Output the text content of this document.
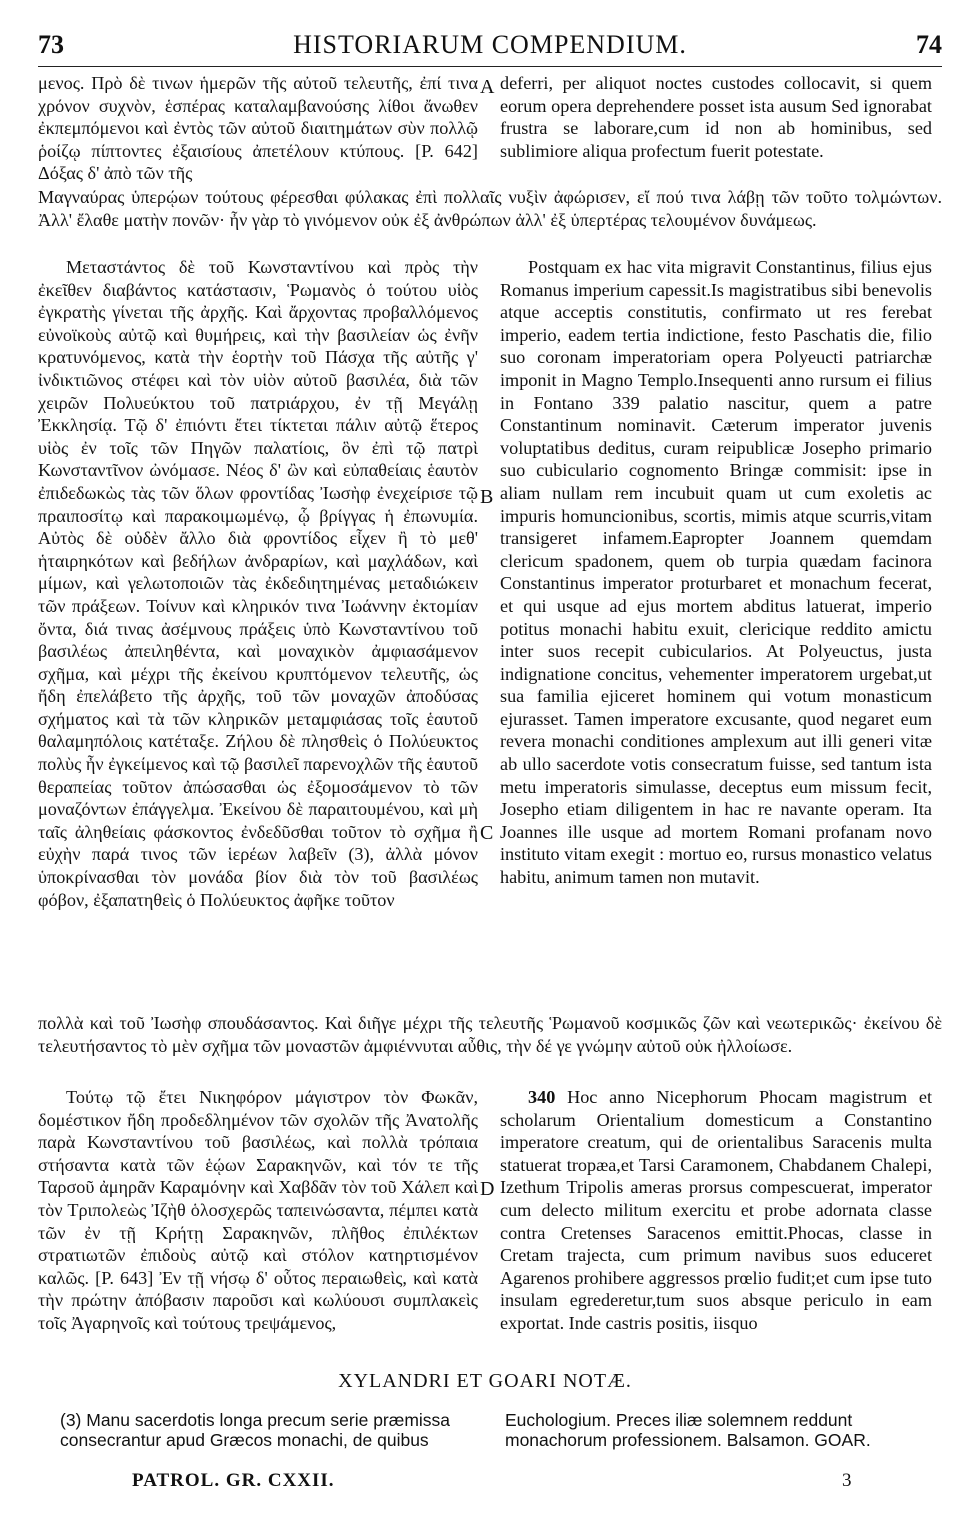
73	HISTORIARUM COMPENDIUM.	74

μενος. Πρὸ δὲ τινων ἡμερῶν τῆς αὐτοῦ τελευτῆς, ἐπί τινα χρόνον συχνὸν, ἑσπέρας καταλαμβανούσης λίθοι ἄνωθεν ἐκπεμπόμενοι καὶ ἐντὸς τῶν αὐτοῦ διαιτημάτων σὺν πολλῷ ῥοίζῳ πίπτοντες ἐξαισίους ἀπετέλουν κτύπους. [P. 642] Δόξας δ' ἀπὸ τῶν τῆς

A deferri, per aliquot noctes custodes collocavit, si quem eorum opera deprehendere posset ista ausum Sed ignorabat frustra se laborare,cum id non ab hominibus, sed sublimiore aliqua profectum fuerit potestate.

Μαγναύρας ὑπερῴων τούτους φέρεσθαι φύλακας ἐπὶ πολλαῖς νυξὶν ἀφώρισεν, εἴ πού τινα λάβῃ τῶν τοῦτο τολμώντων. Ἀλλ' ἔλαθε ματὴν πονῶν· ἦν γὰρ τὸ γινόμενον οὐκ ἐξ ἀνθρώπων ἀλλ' ἐξ ὑπερτέρας τελουμένον δυνάμεως.

Μεταστάντος δὲ τοῦ Κωνσταντίνου καὶ πρὸς τὴν ἐκεῖθεν διαβάντος κατάστασιν, Ῥωμανὸς ὁ τούτου υἱὸς ἐγκρατὴς γίνεται τῆς ἀρχῆς. Καὶ ἄρχοντας προβαλλόμενος εὐνοϊκοὺς αὐτῷ καὶ θυμήρεις, καὶ τὴν βασιλείαν ὡς ἐνῆν κρατυνόμενος, κατὰ τὴν ἑορτὴν τοῦ Πάσχα τῆς αὐτῆς γ' ἰνδικτιῶνος στέφει καὶ τὸν υἱὸν αὐτοῦ βασιλέα, διὰ τῶν χειρῶν Πολυεύκτου τοῦ πατριάρχου, ἐν τῇ Μεγάλῃ Ἐκκλησίᾳ. Τῷ δ' ἐπιόντι ἔτει τίκτεται πάλιν αὐτῷ ἕτερος υἱὸς ἐν τοῖς τῶν Πηγῶν παλατίοις, ὃν ἐπὶ τῷ πατρὶ Κωνσταντῖνον ὠνόμασε. Νέος δ' ὢν καὶ εὐπαθείαις ἑαυτὸν ἐπιδεδωκὼς τὰς τῶν ὅλων φροντίδας Ἰωσὴφ ἐνεχείρισε τῷ πραιποσίτῳ καὶ παρακοιμωμένῳ, ᾧ βρίγγας ἡ ἐπωνυμία. Αὐτὸς δὲ οὐδὲν ἄλλο διὰ φροντίδος εἶχεν ἢ τὸ μεθ' ἡταιρηκότων καὶ βεδήλων ἀνδραρίων, καὶ μαχλάδων, καὶ μίμων, καὶ γελωτοποιῶν τὰς ἐκδεδιητημένας μεταδιώκειν τῶν πράξεων. Τοίνυν καὶ κληρικόν τινα Ἰωάννην ἐκτομίαν ὄντα, διά τινας ἀσέμνους πράξεις ὑπὸ Κωνσταντίνου τοῦ βασιλέως ἀπειληθέντα, καὶ μοναχικὸν ἀμφιασάμενον σχῆμα, καὶ μέχρι τῆς ἐκείνου κρυπτόμενον τελευτῆς, ὡς ἤδη ἐπελάβετο τῆς ἀρχῆς, τοῦ τῶν μοναχῶν ἀποδύσας σχήματος καὶ τὰ τῶν κληρικῶν μεταμφιάσας τοῖς ἑαυτοῦ θαλαμηπόλοις κατέταξε. Ζήλου δὲ πλησθεὶς ὁ Πολύευκτος πολὺς ἦν ἐγκείμενος καὶ τῷ βασιλεῖ παρενοχλῶν τῆς ἑαυτοῦ θεραπείας τοῦτον ἀπώσασθαι ὡς ἐξομοσάμενον τὸ τῶν μοναζόντων ἐπάγγελμα. Ἐκείνου δὲ παραιτουμένου, καὶ μὴ ταῖς ἀληθείαις φάσκοντος ἐνδεδῦσθαι τοῦτον τὸ σχῆμα ἢ εὐχὴν παρά τινος τῶν ἱερέων λαβεῖν (3), ἀλλὰ μόνον ὑποκρίνασθαι τὸν μονάδα βίον διὰ τὸν τοῦ βασιλέως φόβον, ἐξαπατηθεὶς ὁ Πολύευκτος ἀφῆκε τοῦτον

B
C

Postquam ex hac vita migravit Constantinus, filius ejus Romanus imperium capessit.Is magistratibus sibi benevolis atque acceptis constitutis, confirmato ut res ferebat imperio, eadem tertia indictione, festo Paschatis die, filio suo coronam imperatoriam opera Polyeucti patriarchæ imponit in Magno Templo.Insequenti anno rursum ei filius in Fontano 339 palatio nascitur, quem a patre Constantinum nominavit. Cæterum imperator juvenis voluptatibus deditus, curam reipublicæ Josepho primario suo cubiculario cognomento Bringæ commisit: ipse in aliam nullam rem incubuit quam ut cum exoletis ac impuris homuncionibus, scortis, mimis atque scurris,vitam transigeret infamem.Eapropter Joannem quemdam clericum spadonem, quem ob turpia quædam facinora Constantinus imperator proturbaret et monachum fecerat, et qui usque ad ejus mortem abditus latuerat, imperio potitus monachi habitu exuit, clericique reddito amictu inter suos recepit cubicularios. At Polyeuctus, justa indignatione concitus, vehementer imperatorem urgebat,ut sua familia ejiceret hominem qui votum monasticum ejurasset. Tamen imperatore excusante, quod negaret eum revera monachi conditiones amplexum aut illi generi vitæ ab ullo sacerdote votis consecratum fuisse, sed tantum ista metu imperatoris simulasse, deceptus eum missum fecit, Josepho etiam diligentem in hac re navante operam. Ita Joannes ille usque ad mortem Romani profanam novo instituto vitam exegit : mortuo eo, rursus monastico velatus habitu, animum tamen non mutavit.

πολλὰ καὶ τοῦ Ἰωσὴφ σπουδάσαντος. Καὶ διῆγε μέχρι τῆς τελευτῆς Ῥωμανοῦ κοσμικῶς ζῶν καὶ νεωτερικῶς· ἐκείνου δὲ τελευτήσαντος τὸ μὲν σχῆμα τῶν μοναστῶν ἀμφιέννυται αὖθις, τὴν δέ γε γνώμην αὐτοῦ οὐκ ἠλλοίωσε.

Τούτῳ τῷ ἔτει Νικηφόρον μάγιστρον τὸν Φωκᾶν, δομέστικον ἤδη προδεδλημένον τῶν σχολῶν τῆς Ἀνατολῆς παρὰ Κωνσταντίνου τοῦ βασιλέως, καὶ πολλὰ τρόπαια στήσαντα κατὰ τῶν ἑῴων Σαρακηνῶν, καὶ τόν τε τῆς Ταρσοῦ ἀμηρᾶν Καραμόνην καὶ Χαβδᾶν τὸν τοῦ Χάλεπ καὶ τὸν Τριπολεὼς Ἰζὴθ ὁλοσχερῶς ταπεινώσαντα, πέμπει κατὰ τῶν ἐν τῇ Κρήτῃ Σαρακηνῶν, πλῆθος ἐπιλέκτων στρατιωτῶν ἐπιδοὺς αὐτῷ καὶ στόλον κατηρτισμένον καλῶς. [P. 643] Ἐν τῇ νήσῳ δ' οὗτος περαιωθεὶς, καὶ κατὰ τὴν πρώτην ἀπόβασιν παροῦσι καὶ κωλύουσι συμπλακεὶς τοῖς Ἀγαρηνοῖς καὶ τούτους τρεψάμενος,

D

340 Hoc anno Nicephorum Phocam magistrum et scholarum Orientalium domesticum a Constantino imperatore creatum, qui de orientalibus Saracenis multa statuerat tropæa,et Tarsi Caramonem, Chabdanem Chalepi, Izethum Tripolis ameras prorsus compescuerat, imperator cum delecto militum exercitu et probe adornata classe contra Cretenses Saracenos emittit.Phocas, classe in Cretam trajecta, cum primum navibus suos educeret Agarenos prohibere aggressos prœlio fudit;et cum ipse tuto insulam egrederetur,tum suos absque periculo in eam exportat. Inde castris positis, iisquo

XYLANDRI ET GOARI NOTÆ.
(3) Manu sacerdotis longa precum serie præmissa consecrantur apud Græcos monachi, de quibus
Euchologium. Preces iliæ solemnem reddunt monachorum professionem. Balsamon. GOAR.
PATROL. GR. CXXII.	3
